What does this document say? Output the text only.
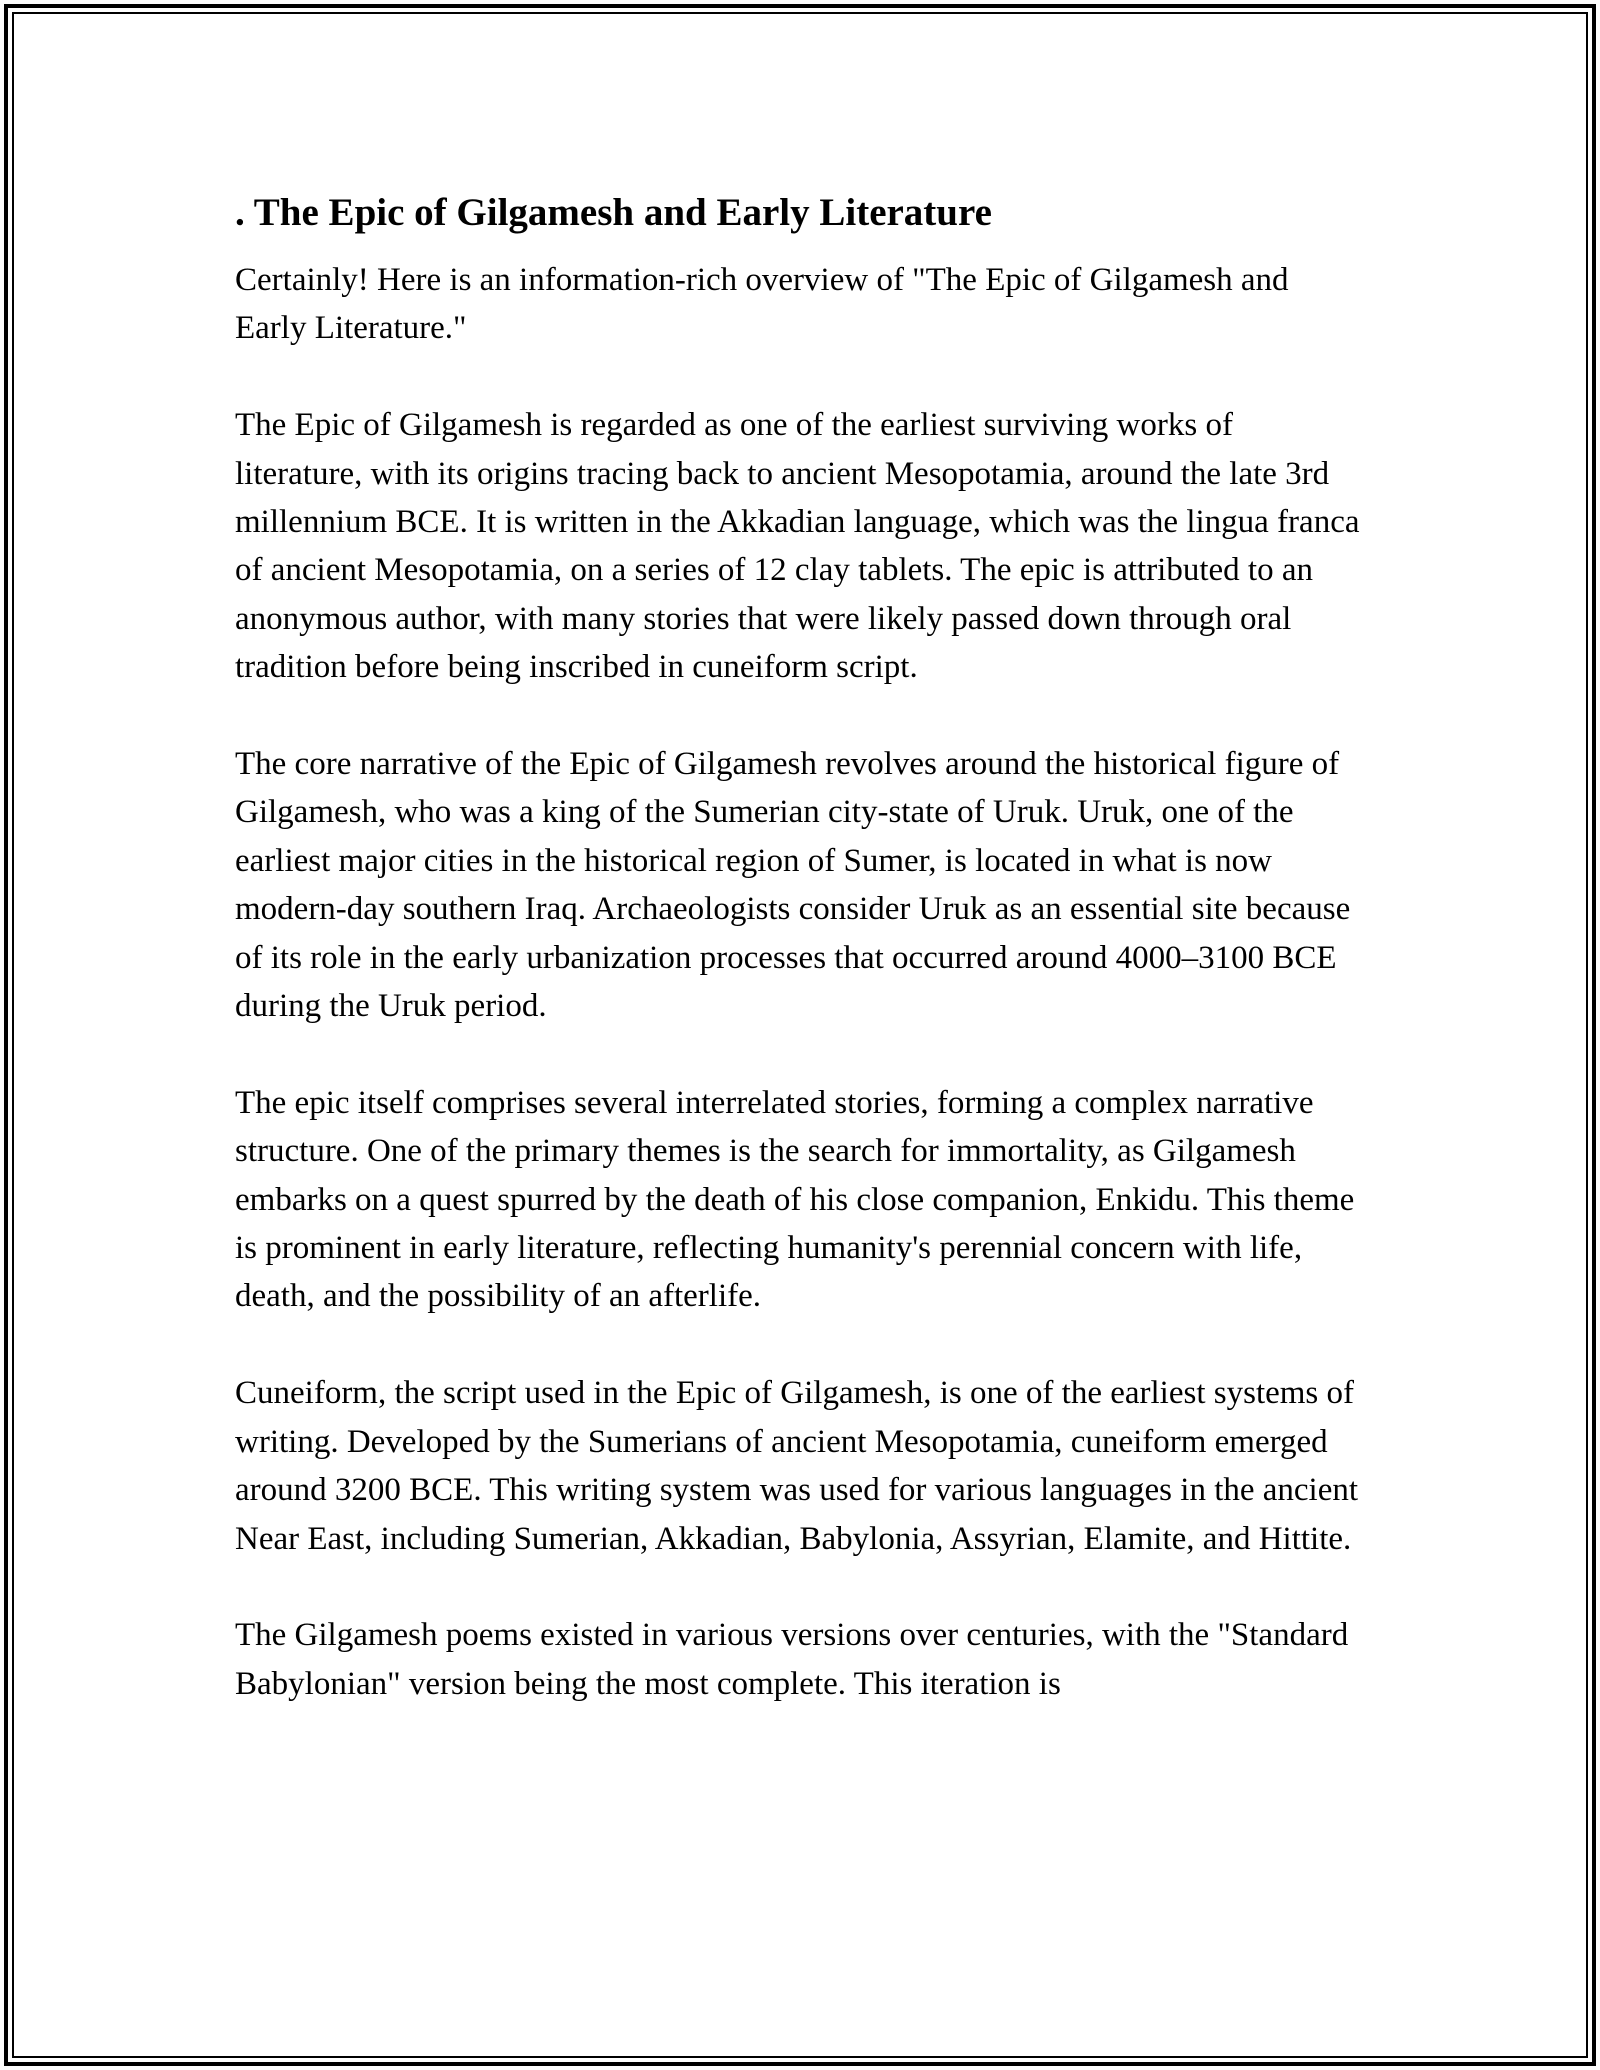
. The Epic of Gilgamesh and Early Literature

Certainly! Here is an information-rich overview of "The Epic of Gilgamesh and Early Literature."

The Epic of Gilgamesh is regarded as one of the earliest surviving works of literature, with its origins tracing back to ancient Mesopotamia, around the late 3rd millennium BCE. It is written in the Akkadian language, which was the lingua franca of ancient Mesopotamia, on a series of 12 clay tablets. The epic is attributed to an anonymous author, with many stories that were likely passed down through oral tradition before being inscribed in cuneiform script.

The core narrative of the Epic of Gilgamesh revolves around the historical figure of Gilgamesh, who was a king of the Sumerian city-state of Uruk. Uruk, one of the earliest major cities in the historical region of Sumer, is located in what is now modern-day southern Iraq. Archaeologists consider Uruk as an essential site because of its role in the early urbanization processes that occurred around 4000–3100 BCE during the Uruk period.

The epic itself comprises several interrelated stories, forming a complex narrative structure. One of the primary themes is the search for immortality, as Gilgamesh embarks on a quest spurred by the death of his close companion, Enkidu. This theme is prominent in early literature, reflecting humanity's perennial concern with life, death, and the possibility of an afterlife.

Cuneiform, the script used in the Epic of Gilgamesh, is one of the earliest systems of writing. Developed by the Sumerians of ancient Mesopotamia, cuneiform emerged around 3200 BCE. This writing system was used for various languages in the ancient Near East, including Sumerian, Akkadian, Babylonia, Assyrian, Elamite, and Hittite.

The Gilgamesh poems existed in various versions over centuries, with the "Standard Babylonian" version being the most complete. This iteration is
